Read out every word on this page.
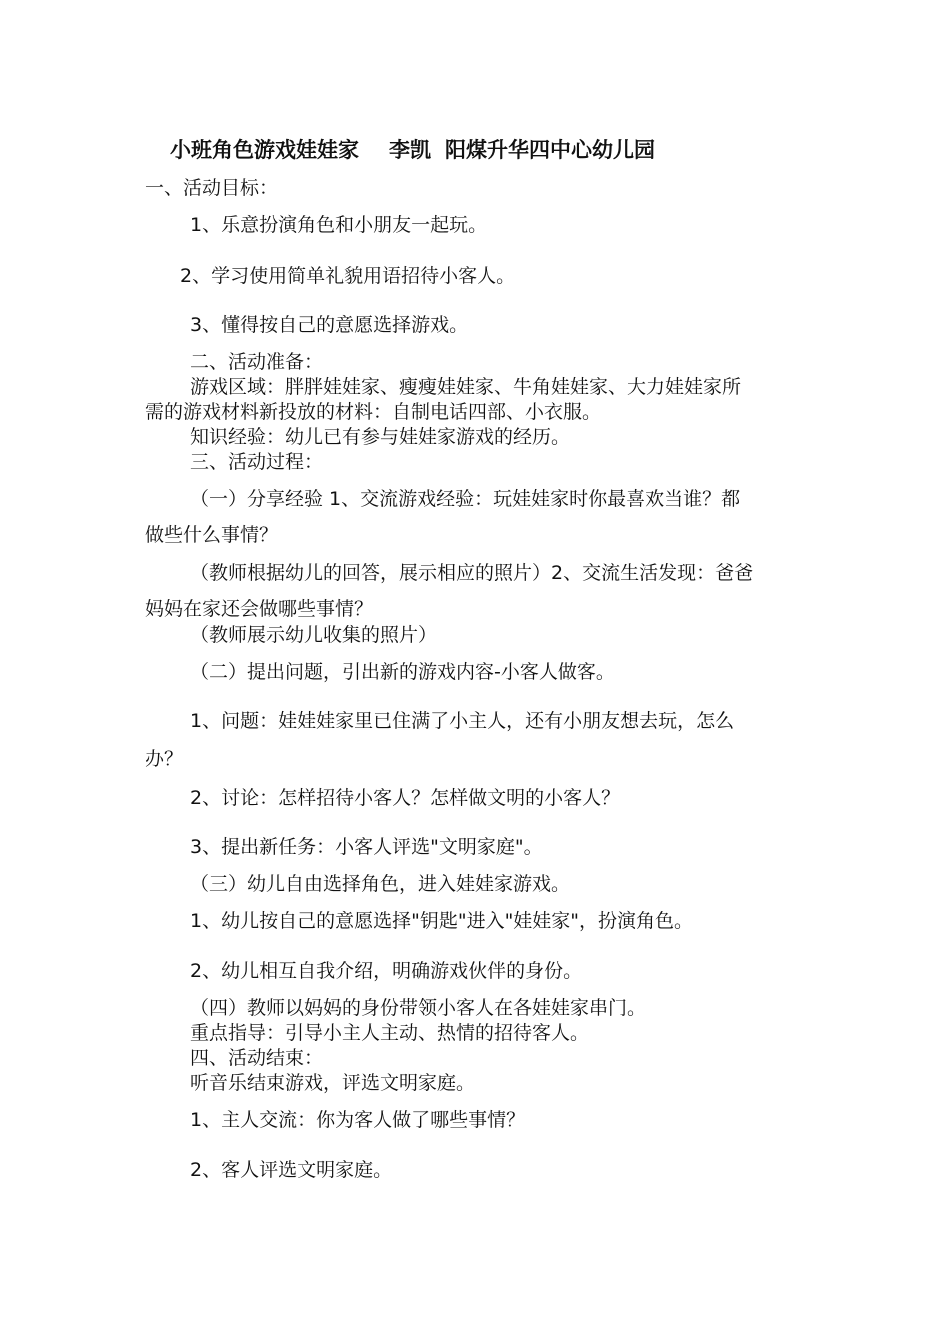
小班角色游戏娃娃家 李凯 阳煤升华四中心幼儿园

一、活动目标：

1、乐意扮演角色和小朋友一起玩。

2、学习使用简单礼貌用语招待小客人。

3、懂得按自己的意愿选择游戏。

二、活动准备：

游戏区域：胖胖娃娃家、瘦瘦娃娃家、牛角娃娃家、大力娃娃家所

需的游戏材料新投放的材料：自制电话四部、小衣服。

知识经验：幼儿已有参与娃娃家游戏的经历。

三、活动过程：

（一）分享经验 1、交流游戏经验：玩娃娃家时你最喜欢当谁？都

做些什么事情？

（教师根据幼儿的回答，展示相应的照片）2、交流生活发现：爸爸

妈妈在家还会做哪些事情？

（教师展示幼儿收集的照片）

（二）提出问题，引出新的游戏内容-小客人做客。

1、问题：娃娃娃家里已住满了小主人，还有小朋友想去玩，怎么

办？

2、讨论：怎样招待小客人？怎样做文明的小客人？

3、提出新任务：小客人评选"文明家庭"。

（三）幼儿自由选择角色，进入娃娃家游戏。

1、幼儿按自己的意愿选择"钥匙"进入"娃娃家"，扮演角色。

2、幼儿相互自我介绍，明确游戏伙伴的身份。

（四）教师以妈妈的身份带领小客人在各娃娃家串门。

重点指导：引导小主人主动、热情的招待客人。

四、活动结束：

听音乐结束游戏，评选文明家庭。

1、主人交流：你为客人做了哪些事情？

2、客人评选文明家庭。
